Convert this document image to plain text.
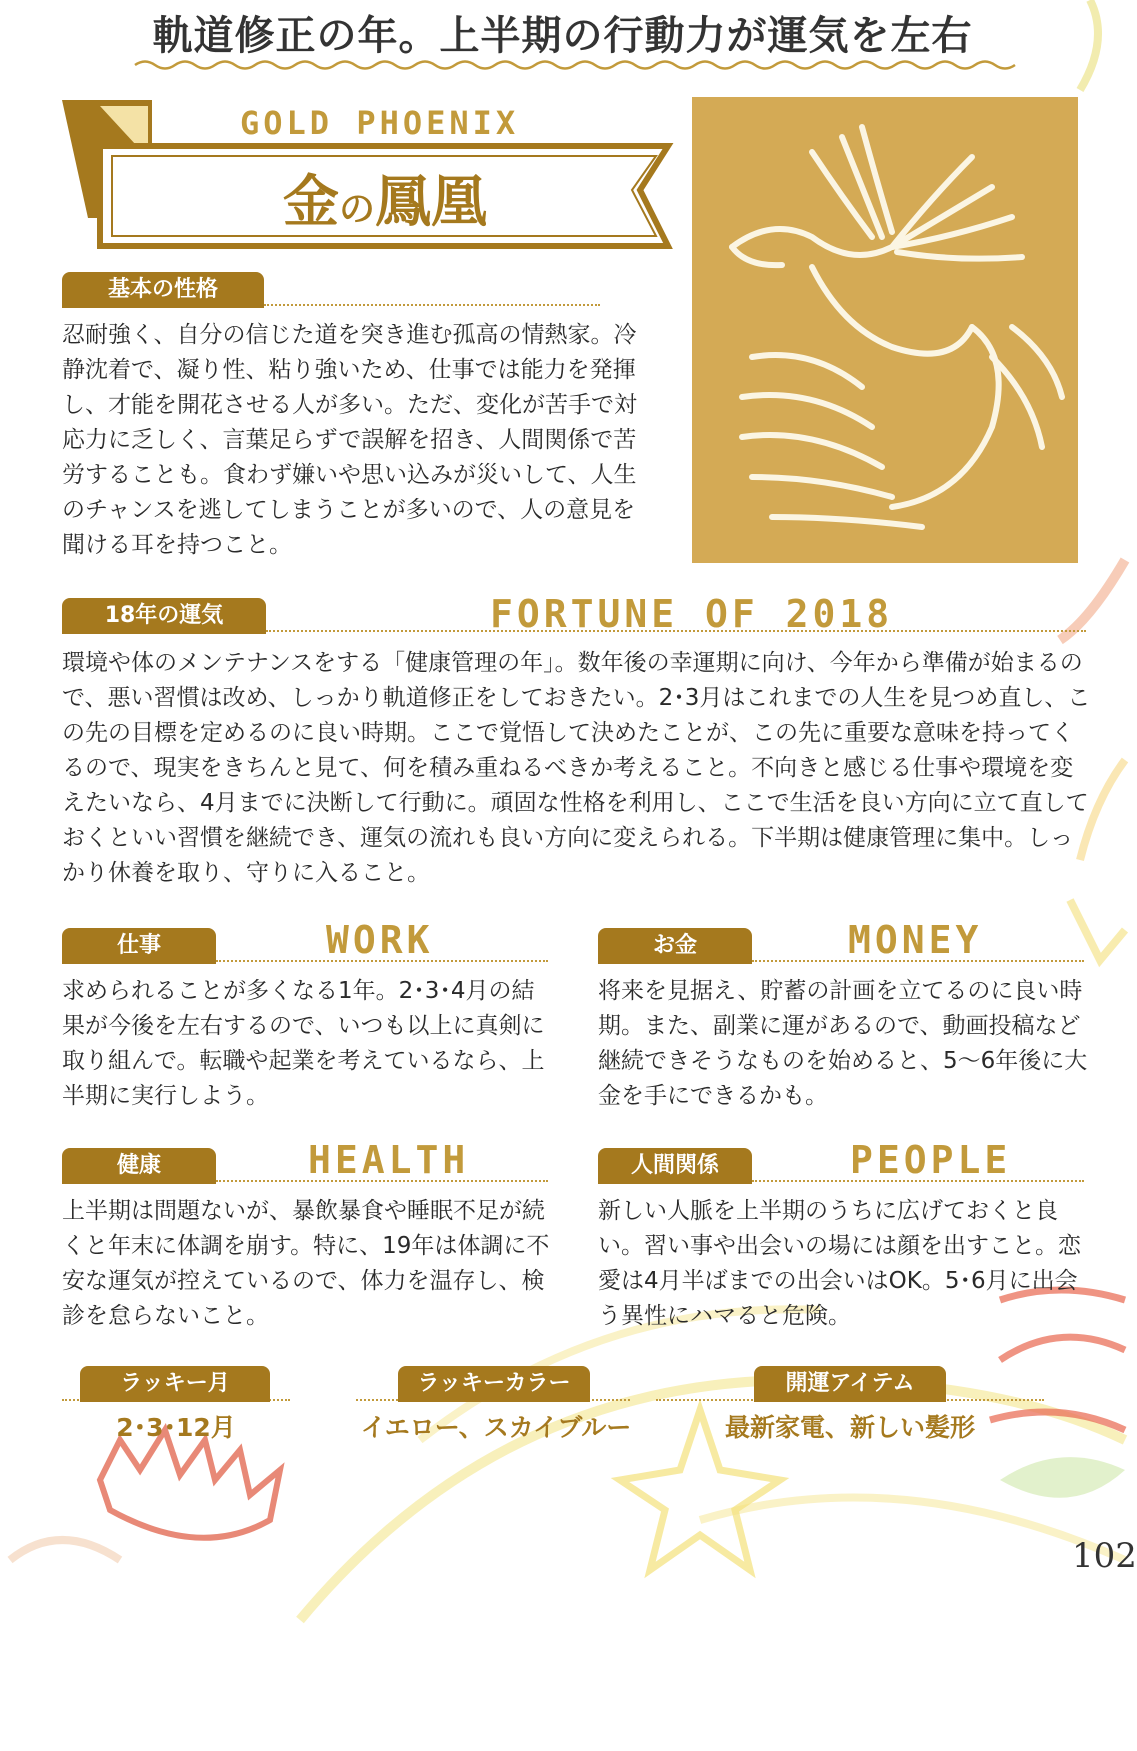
軌道修正の年。上半期の行動力が運気を左右
GOLD PHOENIX
金の鳳凰
基本の性格
忍耐強く、自分の信じた道を突き進む孤高の情熱家。冷静沈着で、凝り性、粘り強いため、仕事では能力を発揮し、才能を開花させる人が多い。ただ、変化が苦手で対応力に乏しく、言葉足らずで誤解を招き、人間関係で苦労することも。食わず嫌いや思い込みが災いして、人生のチャンスを逃してしまうことが多いので、人の意見を聞ける耳を持つこと。
18年の運気	FORTUNE OF 2018
環境や体のメンテナンスをする「健康管理の年」。数年後の幸運期に向け、今年から準備が始まるので、悪い習慣は改め、しっかり軌道修正をしておきたい。2･3月はこれまでの人生を見つめ直し、この先の目標を定めるのに良い時期。ここで覚悟して決めたことが、この先に重要な意味を持ってくるので、現実をきちんと見て、何を積み重ねるべきか考えること。不向きと感じる仕事や環境を変えたいなら、4月までに決断して行動に。頑固な性格を利用し、ここで生活を良い方向に立て直しておくといい習慣を継続でき、運気の流れも良い方向に変えられる。下半期は健康管理に集中。しっかり休養を取り、守りに入ること。
仕事	WORK
求められることが多くなる1年。2･3･4月の結果が今後を左右するので、いつも以上に真剣に取り組んで。転職や起業を考えているなら、上半期に実行しよう。
お金	MONEY
将来を見据え、貯蓄の計画を立てるのに良い時期。また、副業に運があるので、動画投稿など継続できそうなものを始めると、5〜6年後に大金を手にできるかも。
健康	HEALTH
上半期は問題ないが、暴飲暴食や睡眠不足が続くと年末に体調を崩す。特に、19年は体調に不安な運気が控えているので、体力を温存し、検診を怠らないこと。
人間関係	PEOPLE
新しい人脈を上半期のうちに広げておくと良い。習い事や出会いの場には顔を出すこと。恋愛は4月半ばまでの出会いはOK。5･6月に出会う異性にハマると危険。
ラッキー月
2･3･12月
ラッキーカラー
イエロー、スカイブルー
開運アイテム
最新家電、新しい髪形
102
